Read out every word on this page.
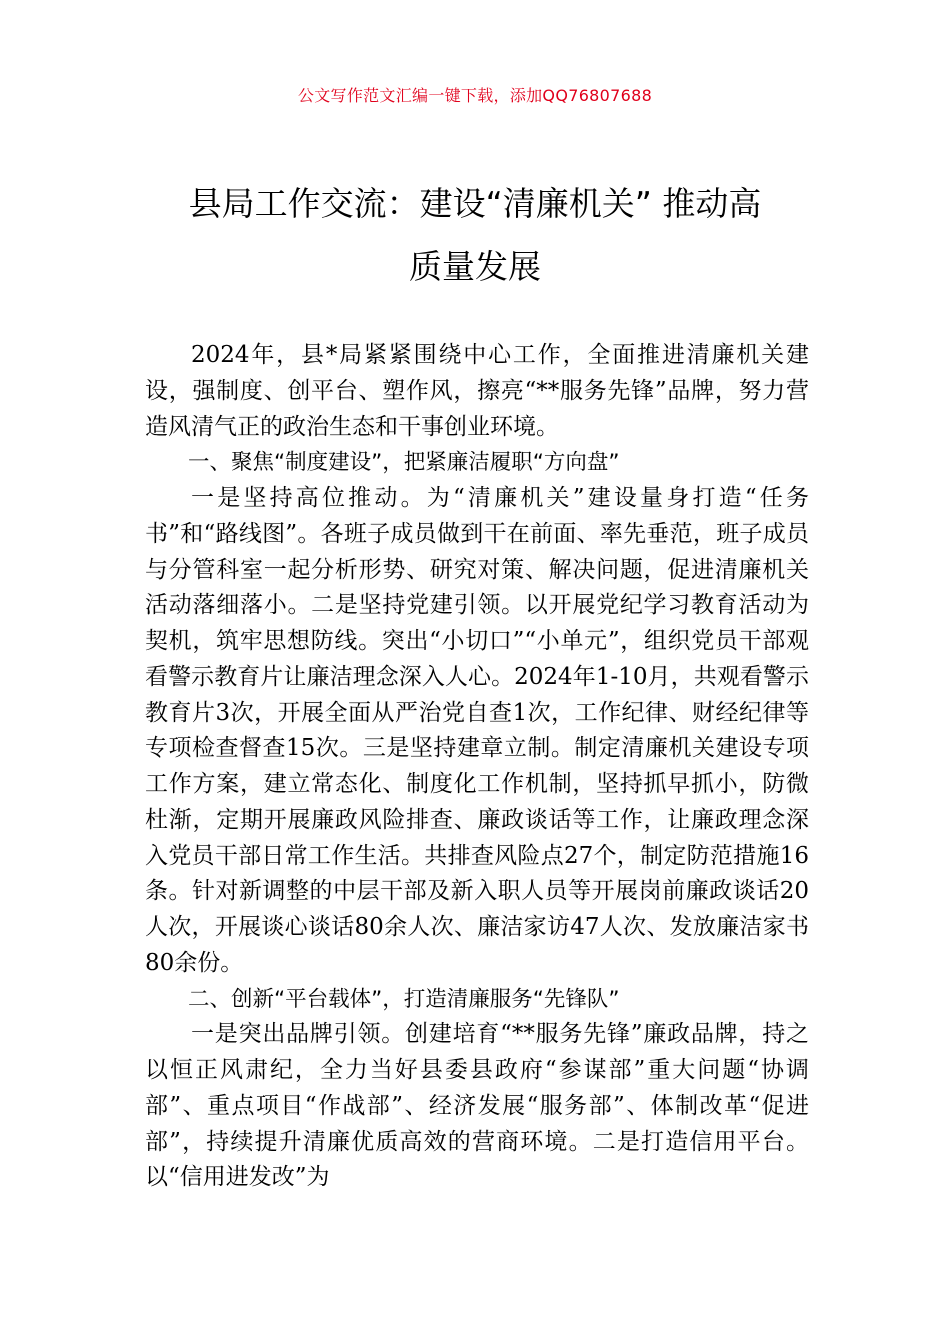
公文写作范文汇编一键下载，添加QQ76807688
县局工作交流：建设“清廉机关” 推动高
质量发展

2024年，县*局紧紧围绕中心工作，全面推进清廉机关建设，强制度、创平台、塑作风，擦亮“**服务先锋”品牌，努力营造风清气正的政治生态和干事创业环境。

一、聚焦“制度建设”，把紧廉洁履职“方向盘”

一是坚持高位推动。为“清廉机关”建设量身打造“任务书”和“路线图”。各班子成员做到干在前面、率先垂范，班子成员与分管科室一起分析形势、研究对策、解决问题，促进清廉机关活动落细落小。二是坚持党建引领。以开展党纪学习教育活动为契机，筑牢思想防线。突出“小切口”“小单元”，组织党员干部观看警示教育片让廉洁理念深入人心。2024年1-10月，共观看警示教育片3次，开展全面从严治党自查1次，工作纪律、财经纪律等专项检查督查15次。三是坚持建章立制。制定清廉机关建设专项工作方案，建立常态化、制度化工作机制，坚持抓早抓小，防微杜渐，定期开展廉政风险排查、廉政谈话等工作，让廉政理念深入党员干部日常工作生活。共排查风险点27个，制定防范措施16条。针对新调整的中层干部及新入职人员等开展岗前廉政谈话20人次，开展谈心谈话80余人次、廉洁家访47人次、发放廉洁家书80余份。

二、创新“平台载体”，打造清廉服务“先锋队”

一是突出品牌引领。创建培育“**服务先锋”廉政品牌，持之以恒正风肃纪，全力当好县委县政府“参谋部”重大问题“协调部”、重点项目“作战部”、经济发展“服务部”、体制改革“促进部”，持续提升清廉优质高效的营商环境。二是打造信用平台。以“信用进发改”为
